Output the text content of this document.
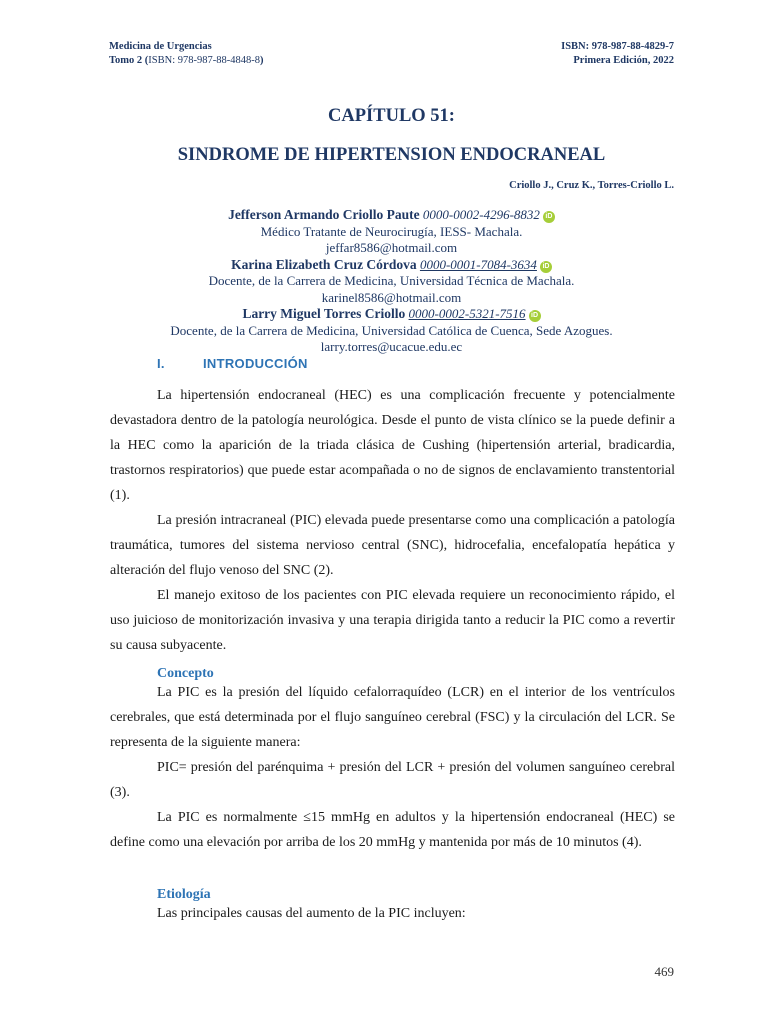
Medicina de Urgencias
Tomo 2 (ISBN: 978-987-88-4848-8)
ISBN: 978-987-88-4829-7
Primera Edición, 2022
CAPÍTULO 51:
SINDROME DE HIPERTENSION ENDOCRANEAL
Criollo J., Cruz K., Torres-Criollo L.
Jefferson Armando Criollo Paute 0000-0002-4296-8832 iD
Médico Tratante de Neurocirugía, IESS- Machala.
jeffar8586@hotmail.com
Karina Elizabeth Cruz Córdova 0000-0001-7084-3634 iD
Docente, de la Carrera de Medicina, Universidad Técnica de Machala.
karinel8586@hotmail.com
Larry Miguel Torres Criollo 0000-0002-5321-7516 iD
Docente, de la Carrera de Medicina, Universidad Católica de Cuenca, Sede Azogues.
larry.torres@ucacue.edu.ec
I.	INTRODUCCIÓN

La hipertensión endocraneal (HEC) es una complicación frecuente y potencialmente devastadora dentro de la patología neurológica. Desde el punto de vista clínico se la puede definir a la HEC como la aparición de la triada clásica de Cushing (hipertensión arterial, bradicardia, trastornos respiratorios) que puede estar acompañada o no de signos de enclavamiento transtentorial (1).

La presión intracraneal (PIC) elevada puede presentarse como una complicación a patología traumática, tumores del sistema nervioso central (SNC), hidrocefalia, encefalopatía hepática y alteración del flujo venoso del SNC (2).

El manejo exitoso de los pacientes con PIC elevada requiere un reconocimiento rápido, el uso juicioso de monitorización invasiva y una terapia dirigida tanto a reducir la PIC como a revertir su causa subyacente.

Concepto

La PIC es la presión del líquido cefalorraquídeo (LCR) en el interior de los ventrículos cerebrales, que está determinada por el flujo sanguíneo cerebral (FSC) y la circulación del LCR. Se representa de la siguiente manera:

PIC= presión del parénquima + presión del LCR + presión del volumen sanguíneo cerebral (3).

La PIC es normalmente ≤15 mmHg en adultos y la hipertensión endocraneal (HEC) se define como una elevación por arriba de los 20 mmHg y mantenida por más de 10 minutos (4).

Etiología

Las principales causas del aumento de la PIC incluyen:

469
